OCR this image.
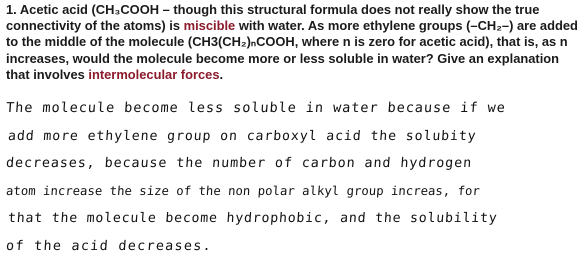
1. Acetic acid (CH₃COOH – though this structural formula does not really show the true connectivity of the atoms) is miscible with water. As more ethylene groups (–CH₂–) are added to the middle of the molecule (CH3(CH₂)ₙCOOH, where n is zero for acetic acid), that is, as n increases, would the molecule become more or less soluble in water? Give an explanation that involves intermolecular forces.

The molecule become less soluble in water because if we
add more ethylene group on carboxyl acid the solubity
decreases, because the number of carbon and hydrogen
atom increase the size of the non polar alkyl group increas, for
that the molecule become hydrophobic, and the solubility
of the acid decreases.
